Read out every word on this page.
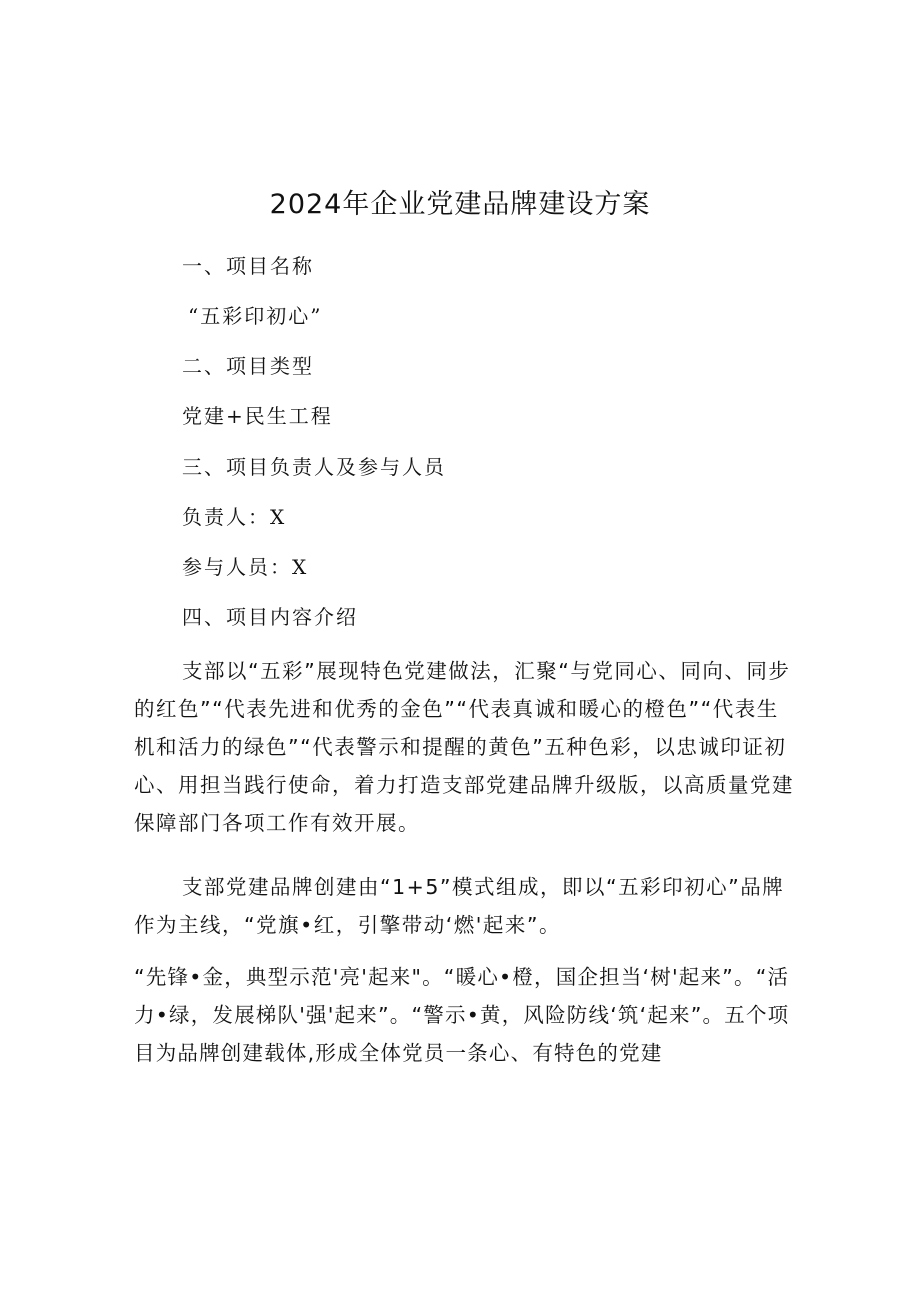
2024年企业党建品牌建设方案
一、项目名称
“五彩印初心”
二、项目类型
党建+民生工程
三、项目负责人及参与人员
负责人：X
参与人员：X
四、项目内容介绍

支部以“五彩”展现特色党建做法，汇聚“与党同心、同向、同步的红色”“代表先进和优秀的金色”“代表真诚和暖心的橙色”“代表生机和活力的绿色”“代表警示和提醒的黄色”五种色彩，以忠诚印证初心、用担当践行使命，着力打造支部党建品牌升级版，以高质量党建保障部门各项工作有效开展。

支部党建品牌创建由“1+5”模式组成，即以“五彩印初心”品牌作为主线，“党旗•红，引擎带动‘燃'起来”。

“先锋•金，典型示范'亮'起来"。“暖心•橙，国企担当‘树'起来”。“活力•绿，发展梯队'强'起来”。“警示•黄，风险防线‘筑‘起来”。五个项目为品牌创建载体,形成全体党员一条心、有特色的党建
